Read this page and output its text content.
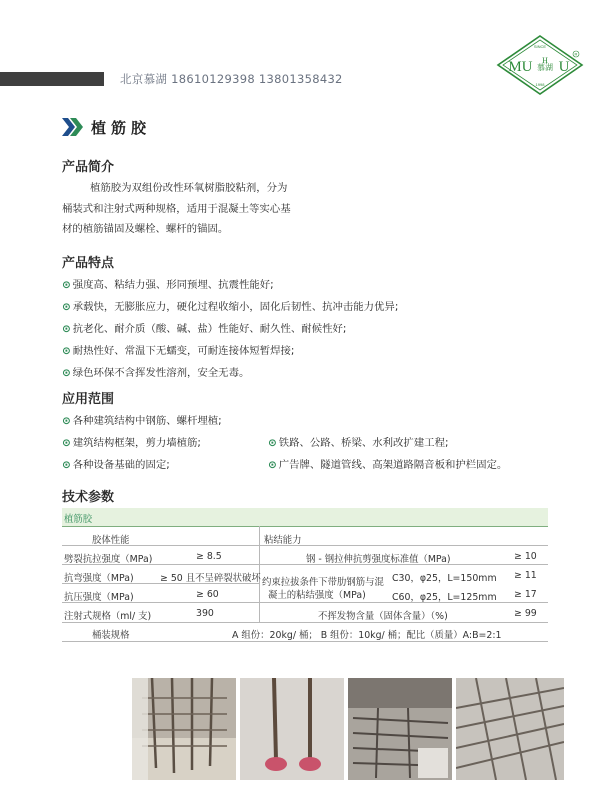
北京慕湖 18610129398 13801358432
SINCE
M U 慕湖
H U
R
1998
植筋胶
产品简介
植筋胶为双组份改性环氧树脂胶粘剂，分为桶装式和注射式两种规格，适用于混凝土等实心基材的植筋锚固及螺栓、螺杆的锚固。
产品特点
⊙ 强度高、粘结力强、形同预埋、抗震性能好;
⊙ 承载快，无膨胀应力，硬化过程收缩小，固化后韧性、抗冲击能力优异;
⊙ 抗老化、耐介质（酸、碱、盐）性能好、耐久性、耐候性好;
⊙ 耐热性好、常温下无蠕变，可耐连接体短暂焊接;
⊙ 绿色环保不含挥发性溶剂，安全无毒。
应用范围
⊙ 各种建筑结构中钢筋、螺杆埋植;
⊙ 建筑结构框架，剪力墙植筋;	⊙ 铁路、公路、桥梁、水利改扩建工程;
⊙ 各种设备基础的固定;	⊙ 广告牌、隧道管线、高架道路隔音板和护栏固定。
技术参数
植筋胶
胶体性能	粘结能力
劈裂抗拉强度（MPa)	≥ 8.5
抗弯强度（MPa)	≥ 50 且不呈碎裂状破坏
抗压强度（MPa)	≥ 60
注射式规格（ml/ 支)	390
钢 - 钢拉伸抗剪强度标准值（MPa)	≥ 10
约束拉拔条件下带肋钢筋与混
凝土的粘结强度（MPa)
C30，φ25，L=150mm ≥ 11
C60，φ25，L=125mm ≥ 17
不挥发物含量（固体含量）（%)	≥ 99
桶装规格	A 组份：20kg/ 桶； B 组份：10kg/ 桶；配比（质量）A:B=2:1
